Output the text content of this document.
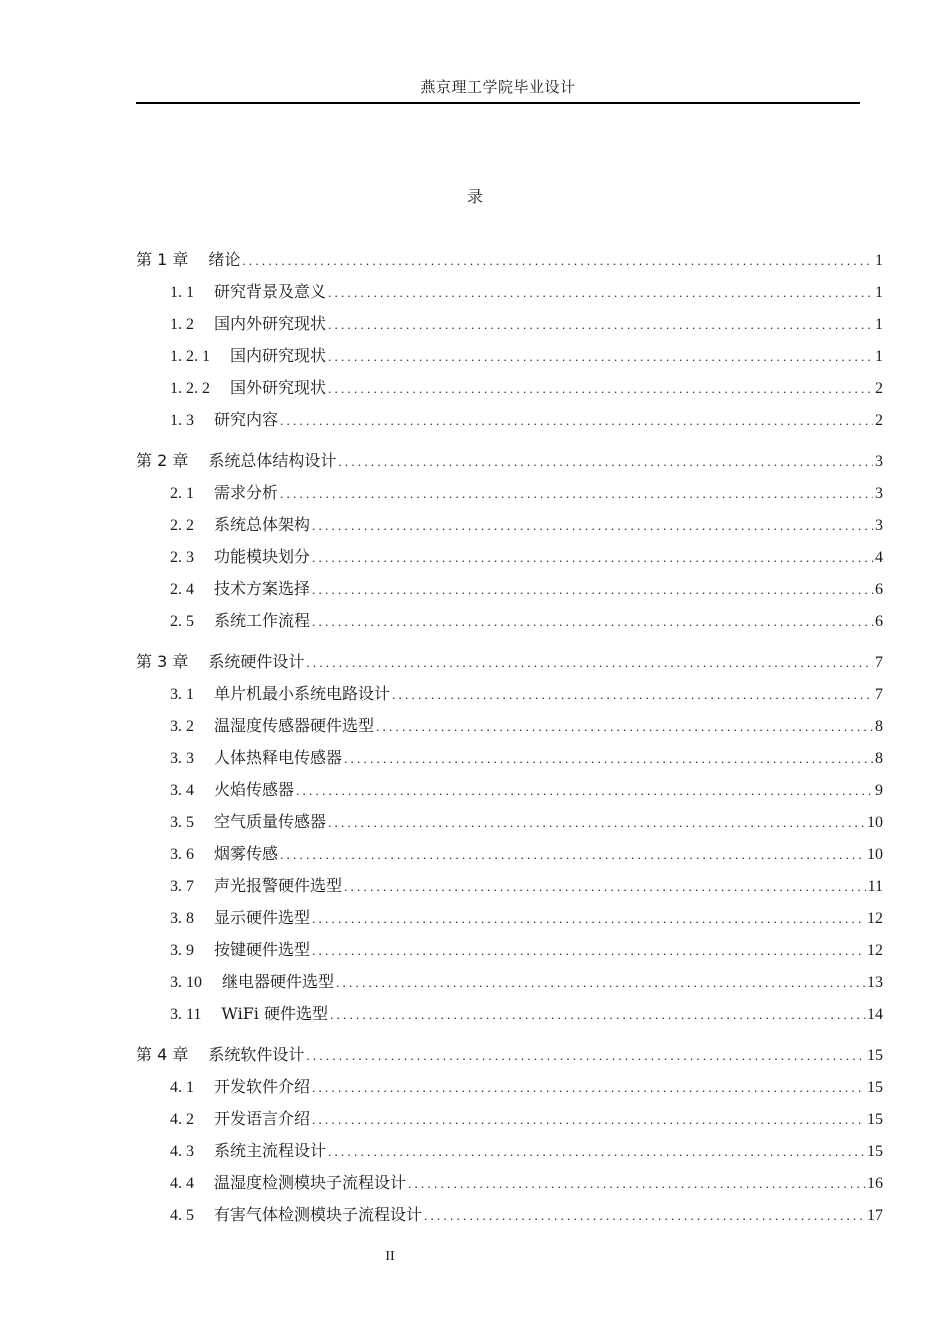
燕京理工学院毕业设计
录
第 1 章 绪论 . . .	1
1. 1 研究背景及意义 . . .	1
1. 2 国内外研究现状 . . .	1
1. 2. 1 国内研究现状 . . .	1
1. 2. 2 国外研究现状 . . .	2
1. 3 研究内容 . . .	2
第 2 章 系统总体结构设计 . . .	3
2. 1 需求分析 . . .	3
2. 2 系统总体架构 . . .	3
2. 3 功能模块划分 . . .	4
2. 4 技术方案选择 . . .	6
2. 5 系统工作流程 . . .	6
第 3 章 系统硬件设计 . . .	7
3. 1 单片机最小系统电路设计 . . .	7
3. 2 温湿度传感器硬件选型 . . .	8
3. 3 人体热释电传感器 . . .	8
3. 4 火焰传感器 . . .	9
3. 5 空气质量传感器 . . .	10
3. 6 烟雾传感 . . .	10
3. 7 声光报警硬件选型 . . .	11
3. 8 显示硬件选型 . . .	12
3. 9 按键硬件选型 . . .	12
3. 10 继电器硬件选型 . . .	13
3. 11 WiFi 硬件选型 . . .	14
第 4 章 系统软件设计 . . .	15
4. 1 开发软件介绍 . . .	15
4. 2 开发语言介绍 . . .	15
4. 3 系统主流程设计 . . .	15
4. 4 温湿度检测模块子流程设计 . . .	16
4. 5 有害气体检测模块子流程设计 . . .	17
II
